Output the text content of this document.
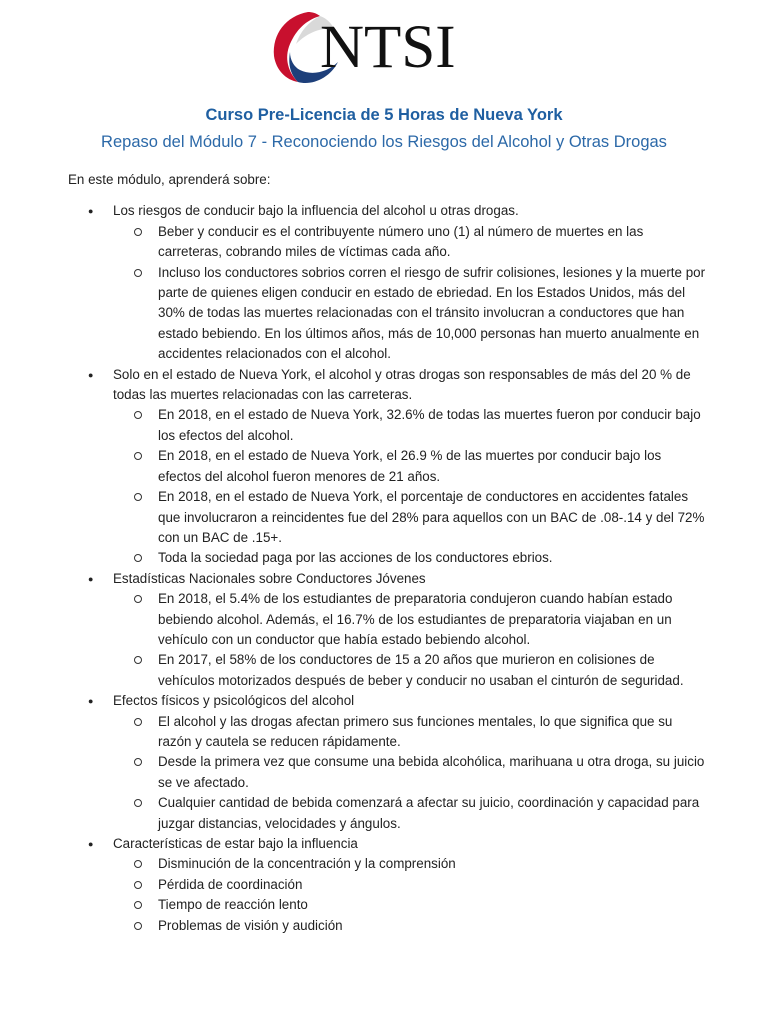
NTSI
Curso Pre-Licencia de 5 Horas de Nueva York
Repaso del Módulo 7 - Reconociendo los Riesgos del Alcohol y Otras Drogas
En este módulo, aprenderá sobre:
● Los riesgos de conducir bajo la influencia del alcohol u otras drogas.
Beber y conducir es el contribuyente número uno (1) al número de muertes en las carreteras, cobrando miles de víctimas cada año.
Incluso los conductores sobrios corren el riesgo de sufrir colisiones, lesiones y la muerte por parte de quienes eligen conducir en estado de ebriedad. En los Estados Unidos, más del 30% de todas las muertes relacionadas con el tránsito involucran a conductores que han estado bebiendo. En los últimos años, más de 10,000 personas han muerto anualmente en accidentes relacionados con el alcohol.
● Solo en el estado de Nueva York, el alcohol y otras drogas son responsables de más del 20 % de todas las muertes relacionadas con las carreteras.
En 2018, en el estado de Nueva York, 32.6% de todas las muertes fueron por conducir bajo los efectos del alcohol.
En 2018, en el estado de Nueva York, el 26.9 % de las muertes por conducir bajo los efectos del alcohol fueron menores de 21 años.
En 2018, en el estado de Nueva York, el porcentaje de conductores en accidentes fatales que involucraron a reincidentes fue del 28% para aquellos con un BAC de .08-.14 y del 72% con un BAC de .15+.
Toda la sociedad paga por las acciones de los conductores ebrios.
● Estadísticas Nacionales sobre Conductores Jóvenes
En 2018, el 5.4% de los estudiantes de preparatoria condujeron cuando habían estado bebiendo alcohol. Además, el 16.7% de los estudiantes de preparatoria viajaban en un vehículo con un conductor que había estado bebiendo alcohol.
En 2017, el 58% de los conductores de 15 a 20 años que murieron en colisiones de vehículos motorizados después de beber y conducir no usaban el cinturón de seguridad.
● Efectos físicos y psicológicos del alcohol
El alcohol y las drogas afectan primero sus funciones mentales, lo que significa que su razón y cautela se reducen rápidamente.
Desde la primera vez que consume una bebida alcohólica, marihuana u otra droga, su juicio se ve afectado.
Cualquier cantidad de bebida comenzará a afectar su juicio, coordinación y capacidad para juzgar distancias, velocidades y ángulos.
● Características de estar bajo la influencia
Disminución de la concentración y la comprensión
Pérdida de coordinación
Tiempo de reacción lento
Problemas de visión y audición
